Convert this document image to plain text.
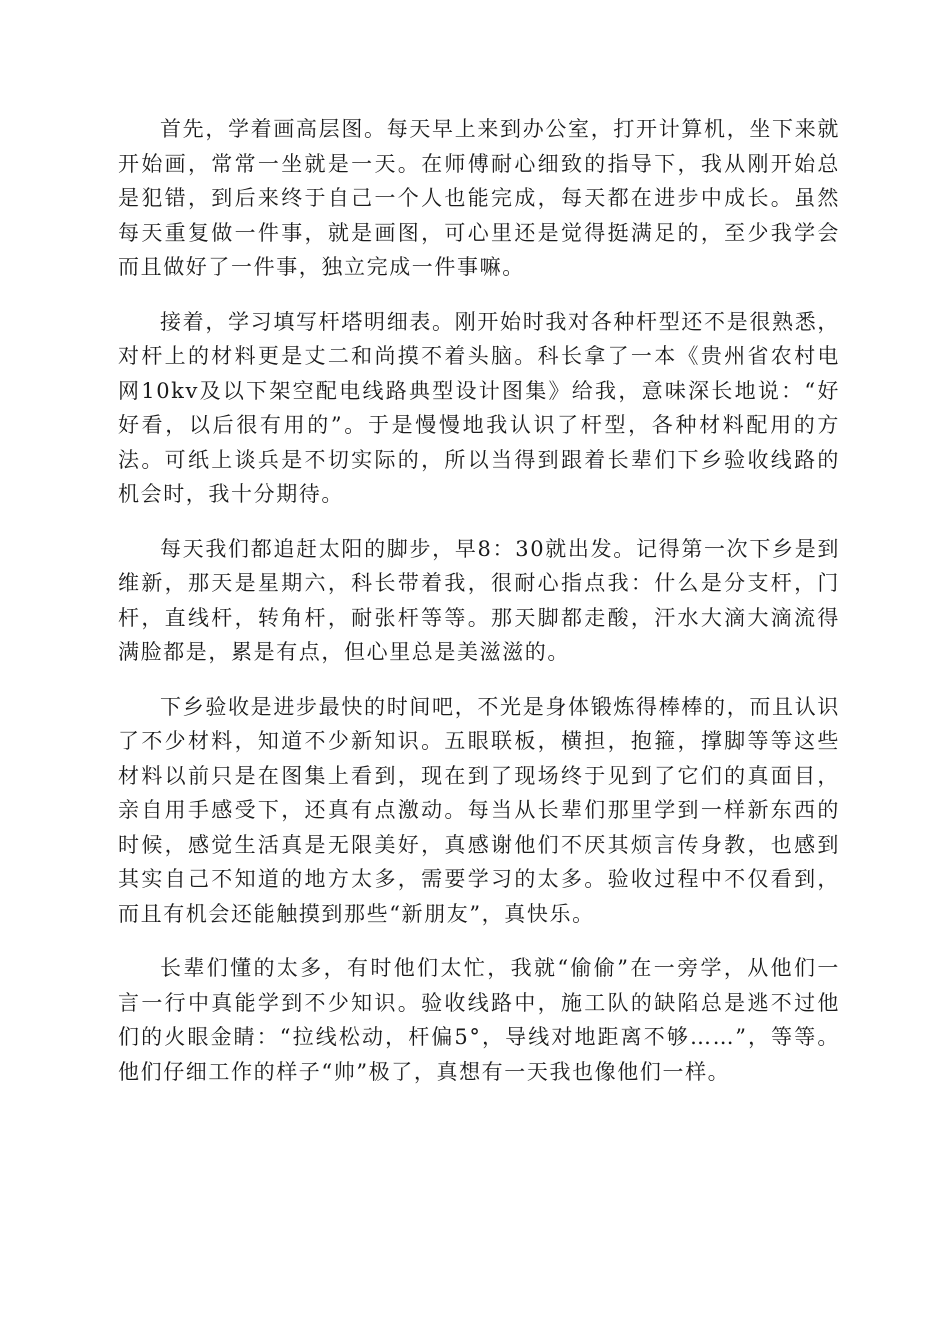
首先，学着画高层图。每天早上来到办公室，打开计算机，坐下来就开始画，常常一坐就是一天。在师傅耐心细致的指导下，我从刚开始总是犯错，到后来终于自己一个人也能完成，每天都在进步中成长。虽然每天重复做一件事，就是画图，可心里还是觉得挺满足的，至少我学会而且做好了一件事，独立完成一件事嘛。

接着，学习填写杆塔明细表。刚开始时我对各种杆型还不是很熟悉，对杆上的材料更是丈二和尚摸不着头脑。科长拿了一本《贵州省农村电网10kv及以下架空配电线路典型设计图集》给我，意味深长地说：“好好看，以后很有用的”。于是慢慢地我认识了杆型，各种材料配用的方法。可纸上谈兵是不切实际的，所以当得到跟着长辈们下乡验收线路的机会时，我十分期待。

每天我们都追赶太阳的脚步，早8：30就出发。记得第一次下乡是到维新，那天是星期六，科长带着我，很耐心指点我：什么是分支杆，门杆，直线杆，转角杆，耐张杆等等。那天脚都走酸，汗水大滴大滴流得满脸都是，累是有点，但心里总是美滋滋的。

下乡验收是进步最快的时间吧，不光是身体锻炼得棒棒的，而且认识了不少材料，知道不少新知识。五眼联板，横担，抱箍，撑脚等等这些材料以前只是在图集上看到，现在到了现场终于见到了它们的真面目，亲自用手感受下，还真有点激动。每当从长辈们那里学到一样新东西的时候，感觉生活真是无限美好，真感谢他们不厌其烦言传身教，也感到其实自己不知道的地方太多，需要学习的太多。验收过程中不仅看到，而且有机会还能触摸到那些“新朋友”，真快乐。

长辈们懂的太多，有时他们太忙，我就“偷偷”在一旁学，从他们一言一行中真能学到不少知识。验收线路中，施工队的缺陷总是逃不过他们的火眼金睛：“拉线松动，杆偏5°，导线对地距离不够……”，等等。他们仔细工作的样子“帅”极了，真想有一天我也像他们一样。
